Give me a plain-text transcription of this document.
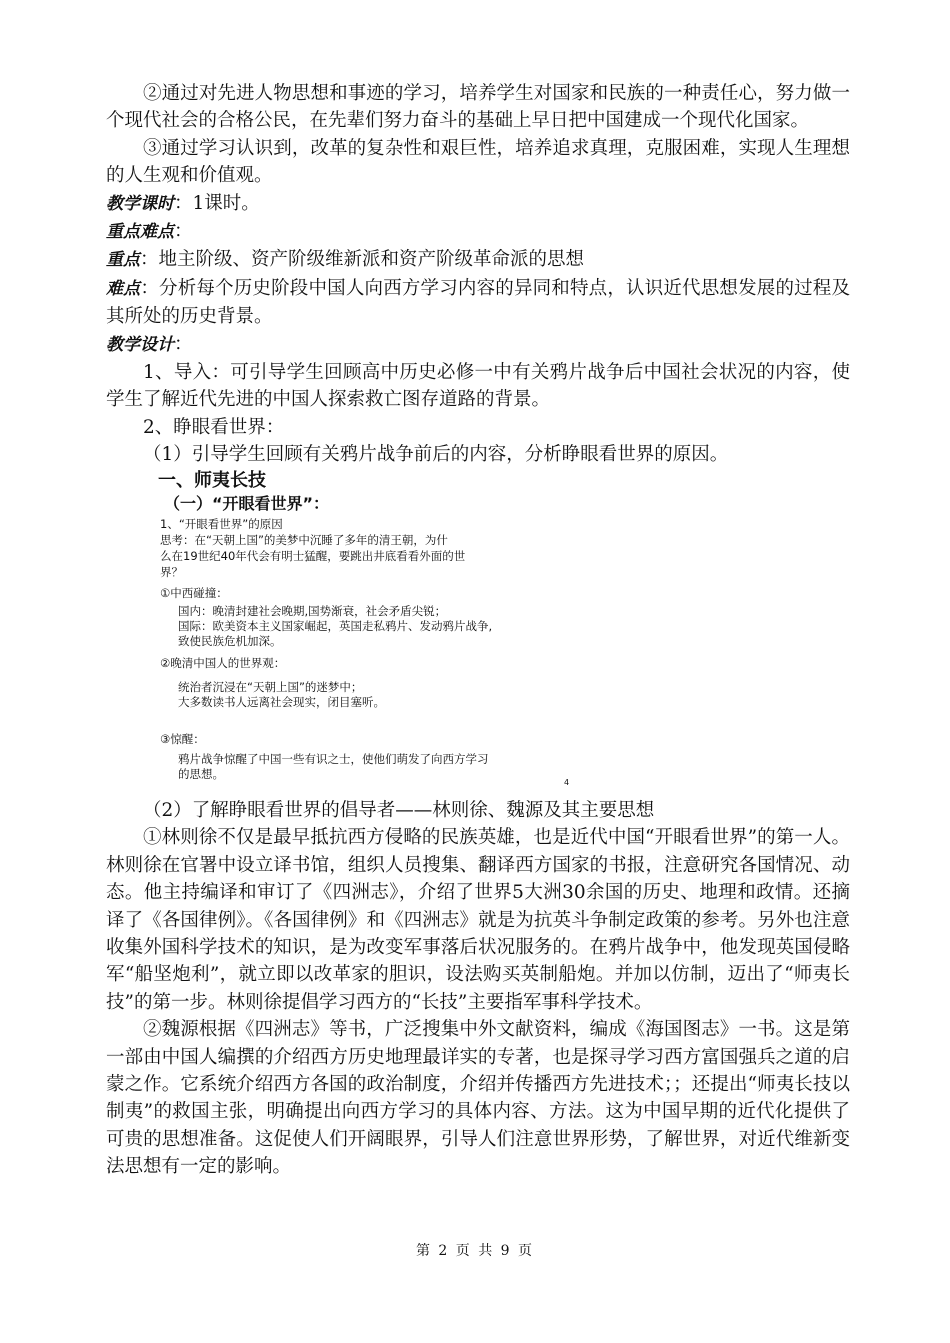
②通过对先进人物思想和事迹的学习，培养学生对国家和民族的一种责任心，努力做一个现代社会的合格公民，在先辈们努力奋斗的基础上早日把中国建成一个现代化国家。

③通过学习认识到，改革的复杂性和艰巨性，培养追求真理，克服困难，实现人生理想的人生观和价值观。

教学课时：1课时。

重点难点：

重点：地主阶级、资产阶级维新派和资产阶级革命派的思想

难点：分析每个历史阶段中国人向西方学习内容的异同和特点，认识近代思想发展的过程及其所处的历史背景。

教学设计：

1、导入：可引导学生回顾高中历史必修一中有关鸦片战争后中国社会状况的内容，使学生了解近代先进的中国人探索救亡图存道路的背景。

2、睁眼看世界：

（1）引导学生回顾有关鸦片战争前后的内容，分析睁眼看世界的原因。

一、师夷长技

（一）“开眼看世界”：

1、“开眼看世界”的原因

思考：在“天朝上国”的美梦中沉睡了多年的清王朝，为什

么在19世纪40年代会有明士猛醒，要跳出井底看看外面的世

界？

①中西碰撞：

国内：晚清封建社会晚期,国势渐衰，社会矛盾尖锐；

国际：欧美资本主义国家崛起，英国走私鸦片、发动鸦片战争,

致使民族危机加深。

②晚清中国人的世界观：

统治者沉浸在“天朝上国”的迷梦中；

大多数读书人远离社会现实，闭目塞听。

③惊醒：

鸦片战争惊醒了中国一些有识之士，使他们萌发了向西方学习

的思想。

4

（2）了解睁眼看世界的倡导者——林则徐、魏源及其主要思想

①林则徐不仅是最早抵抗西方侵略的民族英雄，也是近代中国“开眼看世界”的第一人。林则徐在官署中设立译书馆，组织人员搜集、翻译西方国家的书报，注意研究各国情况、动态。他主持编译和审订了《四洲志》，介绍了世界5大洲30余国的历史、地理和政情。还摘译了《各国律例》。《各国律例》和《四洲志》就是为抗英斗争制定政策的参考。另外也注意收集外国科学技术的知识，是为改变军事落后状况服务的。在鸦片战争中，他发现英国侵略军“船坚炮利”，就立即以改革家的胆识，设法购买英制船炮。并加以仿制，迈出了“师夷长技”的第一步。林则徐提倡学习西方的“长技”主要指军事科学技术。

②魏源根据《四洲志》等书，广泛搜集中外文献资料，编成《海国图志》一书。这是第一部由中国人编撰的介绍西方历史地理最详实的专著，也是探寻学习西方富国强兵之道的启蒙之作。它系统介绍西方各国的政治制度，介绍并传播西方先进技术；；还提出“师夷长技以制夷”的救国主张，明确提出向西方学习的具体内容、方法。这为中国早期的近代化提供了可贵的思想准备。这促使人们开阔眼界，引导人们注意世界形势，了解世界，对近代维新变法思想有一定的影响。

第 2 页 共 9 页
